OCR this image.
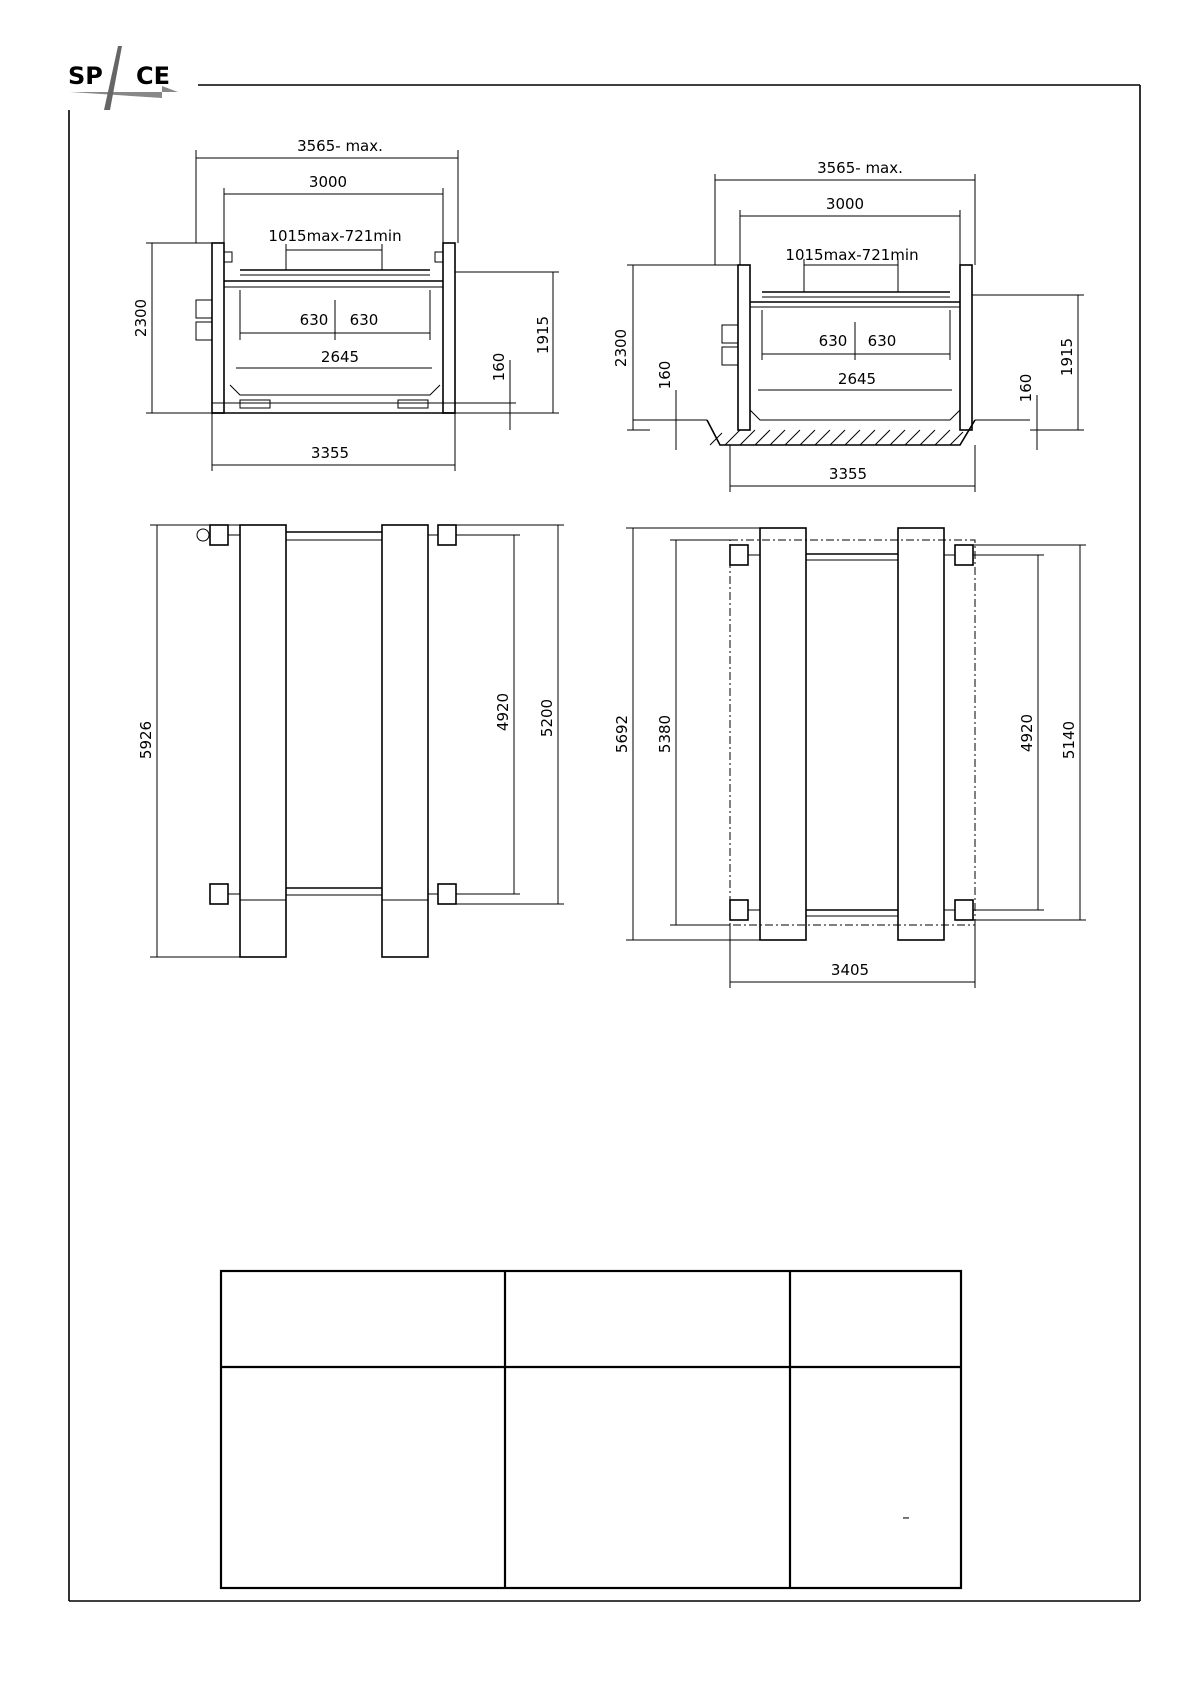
3565- max.
3000
1015max-721min
630 630
2645
2300	1915
160
3355
3565- max.
3000
1015max-721min
630 630
2645
2300
160	160
1915
3355
5926
4920 5200	5692 5380	4920 5140
3405
–
SP CE
